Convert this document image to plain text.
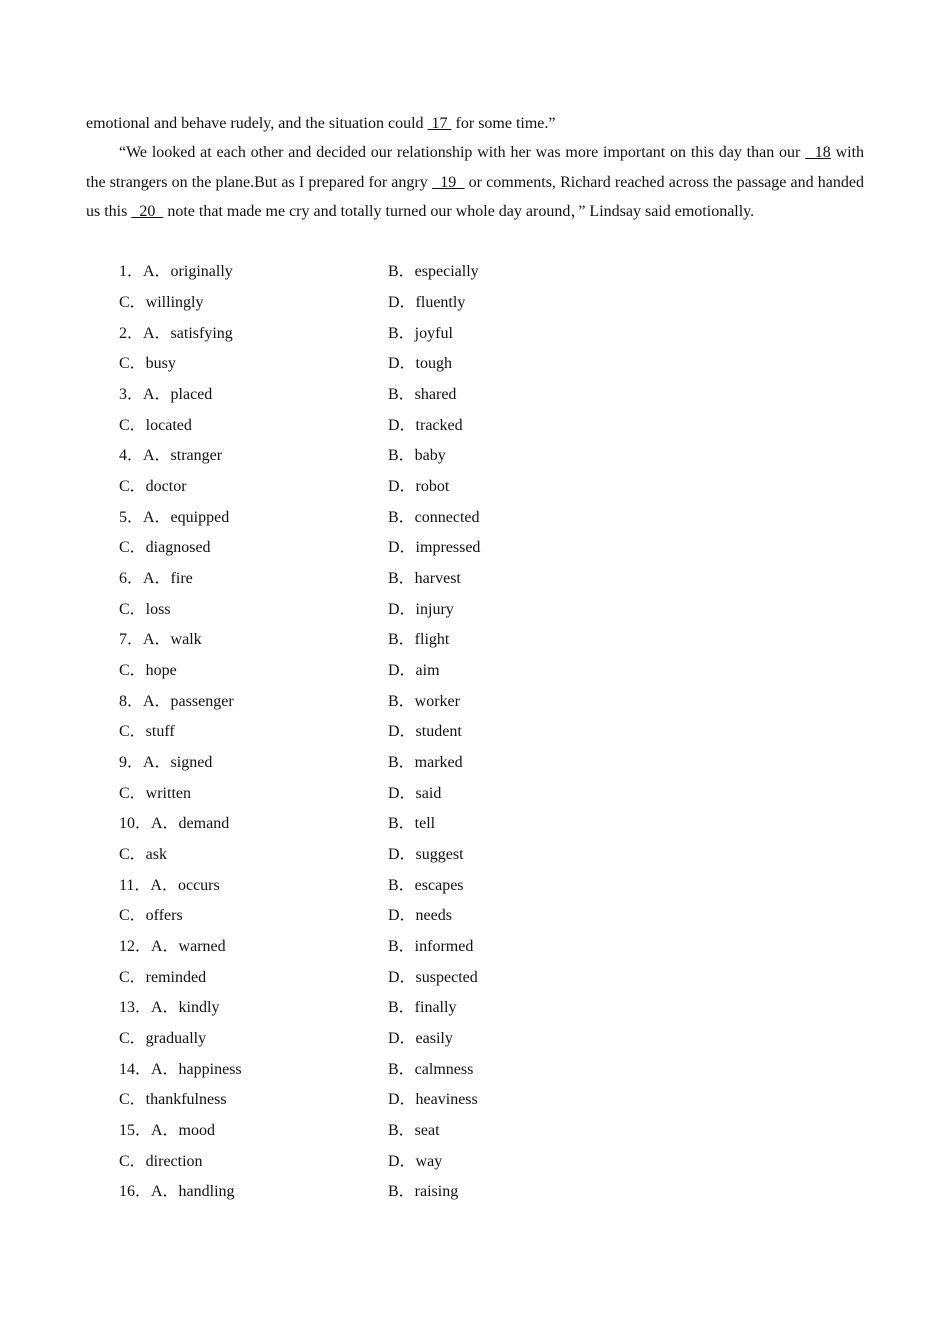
emotional and behave rudely, and the situation could  17  for some time.”
“We looked at each other and decided our relationship with her was more important on this day than our   18 with the strangers on the plane.But as I prepared for angry   19   or comments, Richard reached across the passage and handed us this   20   note that made me cry and totally turned our whole day around，” Lindsay said emotionally.
1．A．originally	B．especially
C．willingly	D．fluently
2．A．satisfying	B．joyful
C．busy	D．tough
3．A．placed	B．shared
C．located	D．tracked
4．A．stranger	B．baby
C．doctor	D．robot
5．A．equipped	B．connected
C．diagnosed	D．impressed
6．A．fire	B．harvest
C．loss	D．injury
7．A．walk	B．flight
C．hope	D．aim
8．A．passenger	B．worker
C．stuff	D．student
9．A．signed	B．marked
C．written	D．said
10．A．demand	B．tell
C．ask	D．suggest
11．A．occurs	B．escapes
C．offers	D．needs
12．A．warned	B．informed
C．reminded	D．suspected
13．A．kindly	B．finally
C．gradually	D．easily
14．A．happiness	B．calmness
C．thankfulness	D．heaviness
15．A．mood	B．seat
C．direction	D．way
16．A．handling	B．raising
